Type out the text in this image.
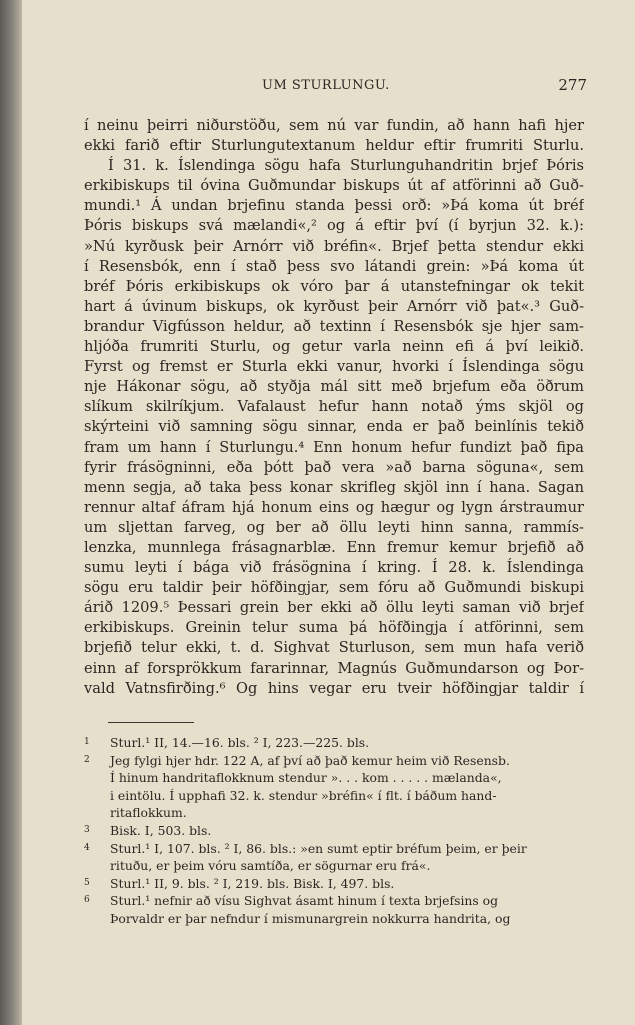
UM STURLUNGU.	277
í neinu þeirri niðurstöðu, sem nú var fundin, að hann hafi hjer
ekki farið eftir Sturlungutextanum heldur eftir frumriti Sturlu.
Í 31. k. Íslendinga sögu hafa Sturlunguhandritin brjef Þóris
erkibiskups til óvina Guðmundar biskups út af atförinni að Guð-
mundi.¹ Á undan brjefinu standa þessi orð: »Þá koma út bréf
Þóris biskups svá mælandi«,² og á eftir því (í byrjun 32. k.):
»Nú kyrðusk þeir Arnórr við bréfin«. Brjef þetta stendur ekki
í Resensbók, enn í stað þess svo látandi grein: »Þá koma út
bréf Þóris erkibiskups ok vóro þar á utanstefningar ok tekit
hart á úvinum biskups, ok kyrðust þeir Arnórr við þat«.³ Guð-
brandur Vigfússon heldur, að textinn í Resensbók sje hjer sam-
hljóða frumriti Sturlu, og getur varla neinn efi á því leikið.
Fyrst og fremst er Sturla ekki vanur, hvorki í Íslendinga sögu
nje Hákonar sögu, að styðja mál sitt með brjefum eða öðrum
slíkum skilríkjum. Vafalaust hefur hann notað ýms skjöl og
skýrteini við samning sögu sinnar, enda er það beinlínis tekið
fram um hann í Sturlungu.⁴ Enn honum hefur fundizt það fipa
fyrir frásögninni, eða þótt það vera »að barna söguna«, sem
menn segja, að taka þess konar skrifleg skjöl inn í hana. Sagan
rennur altaf áfram hjá honum eins og hægur og lygn árstraumur
um sljettan farveg, og ber að öllu leyti hinn sanna, rammís-
lenzka, munnlega frásagnarblæ. Enn fremur kemur brjefið að
sumu leyti í bága við frásögnina í kring. Í 28. k. Íslendinga
sögu eru taldir þeir höfðingjar, sem fóru að Guðmundi biskupi
árið 1209.⁵ Þessari grein ber ekki að öllu leyti saman við brjef
erkibiskups. Greinin telur suma þá höfðingja í atförinni, sem
brjefið telur ekki, t. d. Sighvat Sturluson, sem mun hafa verið
einn af forsprökkum fararinnar, Magnús Guðmundarson og Þor-
vald Vatnsfirðing.⁶ Og hins vegar eru tveir höfðingjar taldir í
1 Sturl.¹ II, 14.—16. bls. ² I, 223.—225. bls.
2 Jeg fylgi hjer hdr. 122 A, af því að það kemur heim við Resensb.
Í hinum handritaflokknum stendur ». . . kom . . . . . mælanda«,
i eintölu. Í upphafi 32. k. stendur »bréfin« í flt. í báðum hand-
ritaflokkum.
3 Bisk. I, 503. bls.
4 Sturl.¹ I, 107. bls. ² I, 86. bls.: »en sumt eptir bréfum þeim, er þeir
rituðu, er þeim vóru samtíða, er sögurnar eru frá«.
5 Sturl.¹ II, 9. bls. ² I, 219. bls. Bisk. I, 497. bls.
6 Sturl.¹ nefnir að vísu Sighvat ásamt hinum í texta brjefsins og
Þorvaldr er þar nefndur í mismunargrein nokkurra handrita, og
